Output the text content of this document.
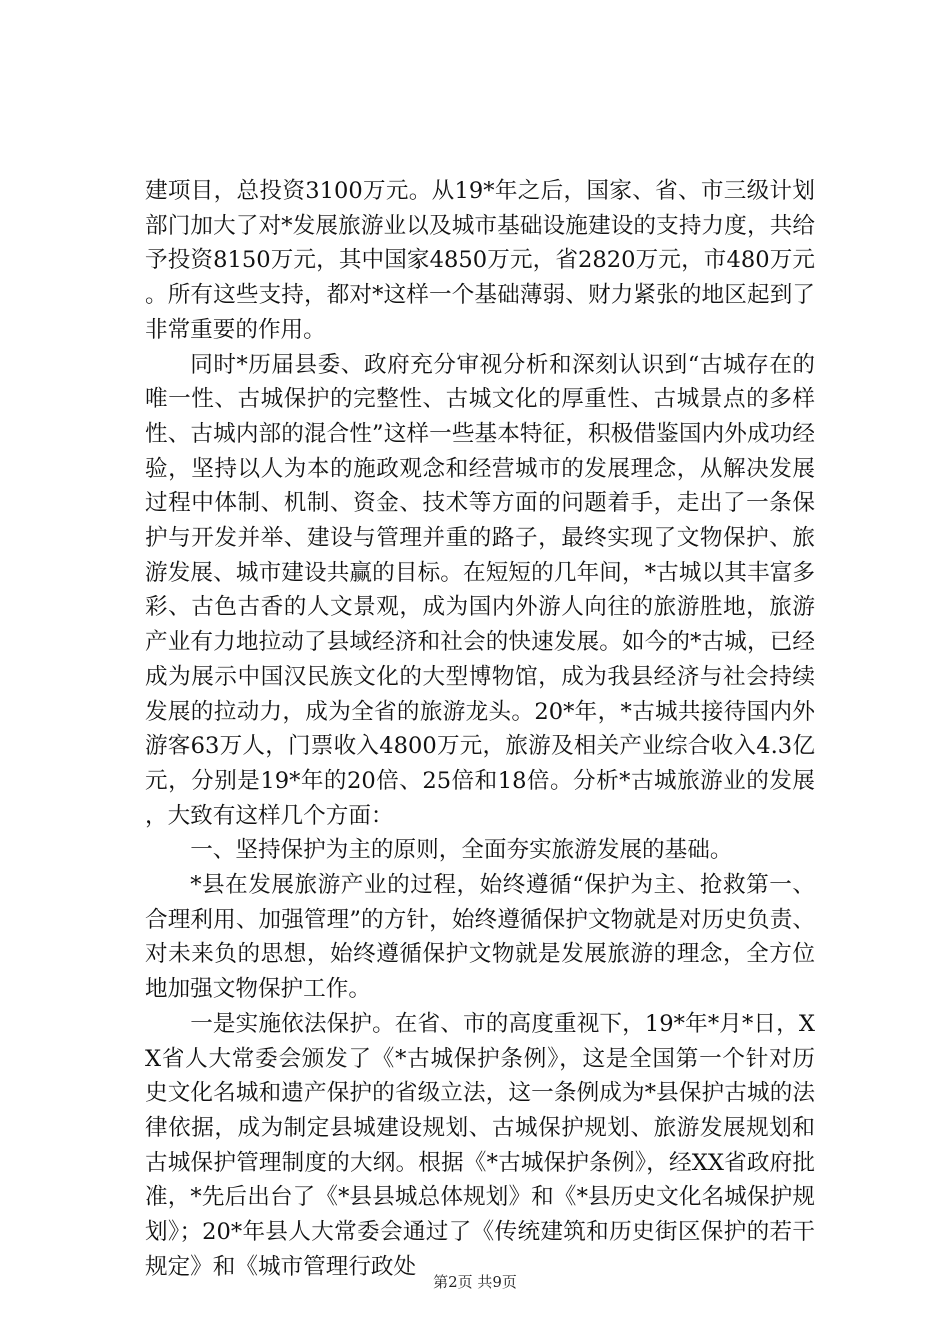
建项目，总投资3100万元。从19*年之后，国家、省、市三级计划部门加大了对*发展旅游业以及城市基础设施建设的支持力度，共给予投资8150万元，其中国家4850万元，省2820万元，市480万元。所有这些支持，都对*这样一个基础薄弱、财力紧张的地区起到了非常重要的作用。

同时*历届县委、政府充分审视分析和深刻认识到“古城存在的唯一性、古城保护的完整性、古城文化的厚重性、古城景点的多样性、古城内部的混合性”这样一些基本特征，积极借鉴国内外成功经验，坚持以人为本的施政观念和经营城市的发展理念，从解决发展过程中体制、机制、资金、技术等方面的问题着手，走出了一条保护与开发并举、建设与管理并重的路子，最终实现了文物保护、旅游发展、城市建设共赢的目标。在短短的几年间，*古城以其丰富多彩、古色古香的人文景观，成为国内外游人向往的旅游胜地，旅游产业有力地拉动了县域经济和社会的快速发展。如今的*古城，已经成为展示中国汉民族文化的大型博物馆，成为我县经济与社会持续发展的拉动力，成为全省的旅游龙头。20*年，*古城共接待国内外游客63万人，门票收入4800万元，旅游及相关产业综合收入4.3亿元，分别是19*年的20倍、25倍和18倍。分析*古城旅游业的发展，大致有这样几个方面：

一、坚持保护为主的原则，全面夯实旅游发展的基础。

*县在发展旅游产业的过程，始终遵循“保护为主、抢救第一、合理利用、加强管理”的方针，始终遵循保护文物就是对历史负责、对未来负的思想，始终遵循保护文物就是发展旅游的理念，全方位地加强文物保护工作。

一是实施依法保护。在省、市的高度重视下，19*年*月*日，XX省人大常委会颁发了《*古城保护条例》，这是全国第一个针对历史文化名城和遗产保护的省级立法，这一条例成为*县保护古城的法律依据，成为制定县城建设规划、古城保护规划、旅游发展规划和古城保护管理制度的大纲。根据《*古城保护条例》，经XX省政府批准，*先后出台了《*县县城总体规划》和《*县历史文化名城保护规划》；20*年县人大常委会通过了《传统建筑和历史街区保护的若干规定》和《城市管理行政处

第2页 共9页
